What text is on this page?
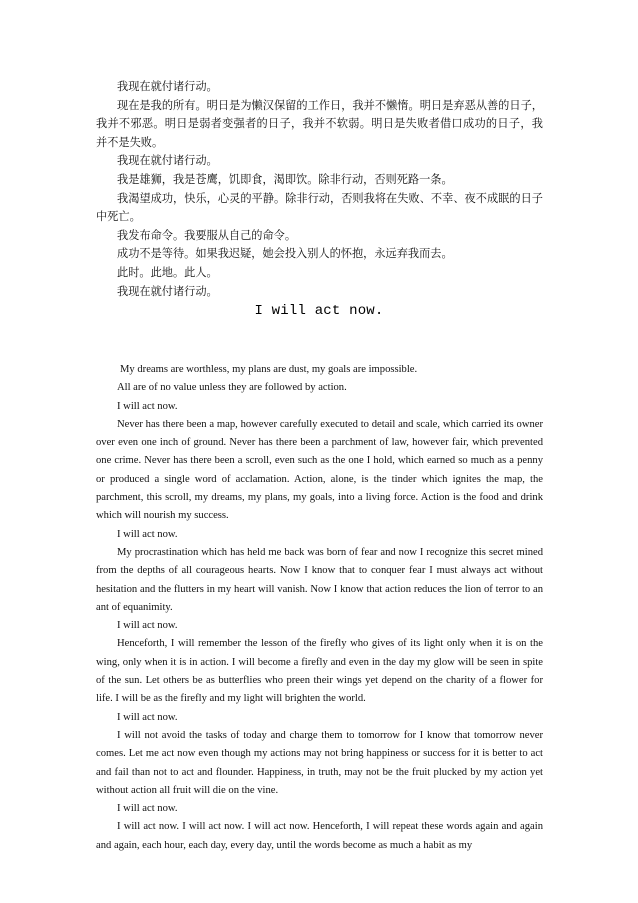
我现在就付诸行动。

现在是我的所有。明日是为懒汉保留的工作日，我并不懒惰。明日是弃恶从善的日子，我并不邪恶。明日是弱者变强者的日子，我并不软弱。明日是失败者借口成功的日子，我并不是失败。

我现在就付诸行动。

我是雄狮，我是苍鹰，饥即食，渴即饮。除非行动，否则死路一条。

我渴望成功，快乐，心灵的平静。除非行动，否则我将在失败、不幸、夜不成眠的日子中死亡。

我发布命令。我要服从自己的命令。

成功不是等待。如果我迟疑，她会投入别人的怀抱，永远弃我而去。

此时。此地。此人。

我现在就付诸行动。

I will act now.

My dreams are worthless, my plans are dust, my goals are impossible.

All are of no value unless they are followed by action.

I will act now.

Never has there been a map, however carefully executed to detail and scale, which carried its owner over even one inch of ground. Never has there been a parchment of law, however fair, which prevented one crime. Never has there been a scroll, even such as the one I hold, which earned so much as a penny or produced a single word of acclamation. Action, alone, is the tinder which ignites the map, the parchment, this scroll, my dreams, my plans, my goals, into a living force. Action is the food and drink which will nourish my success.

I will act now.

My procrastination which has held me back was born of fear and now I recognize this secret mined from the depths of all courageous hearts. Now I know that to conquer fear I must always act without hesitation and the flutters in my heart will vanish. Now I know that action reduces the lion of terror to an ant of equanimity.

I will act now.

Henceforth, I will remember the lesson of the firefly who gives of its light only when it is on the wing, only when it is in action. I will become a firefly and even in the day my glow will be seen in spite of the sun. Let others be as butterflies who preen their wings yet depend on the charity of a flower for life. I will be as the firefly and my light will brighten the world.

I will act now.

I will not avoid the tasks of today and charge them to tomorrow for I know that tomorrow never comes. Let me act now even though my actions may not bring happiness or success for it is better to act and fail than not to act and flounder. Happiness, in truth, may not be the fruit plucked by my action yet without action all fruit will die on the vine.

I will act now.

I will act now. I will act now. I will act now. Henceforth, I will repeat these words again and again and again, each hour, each day, every day, until the words become as much a habit as my
